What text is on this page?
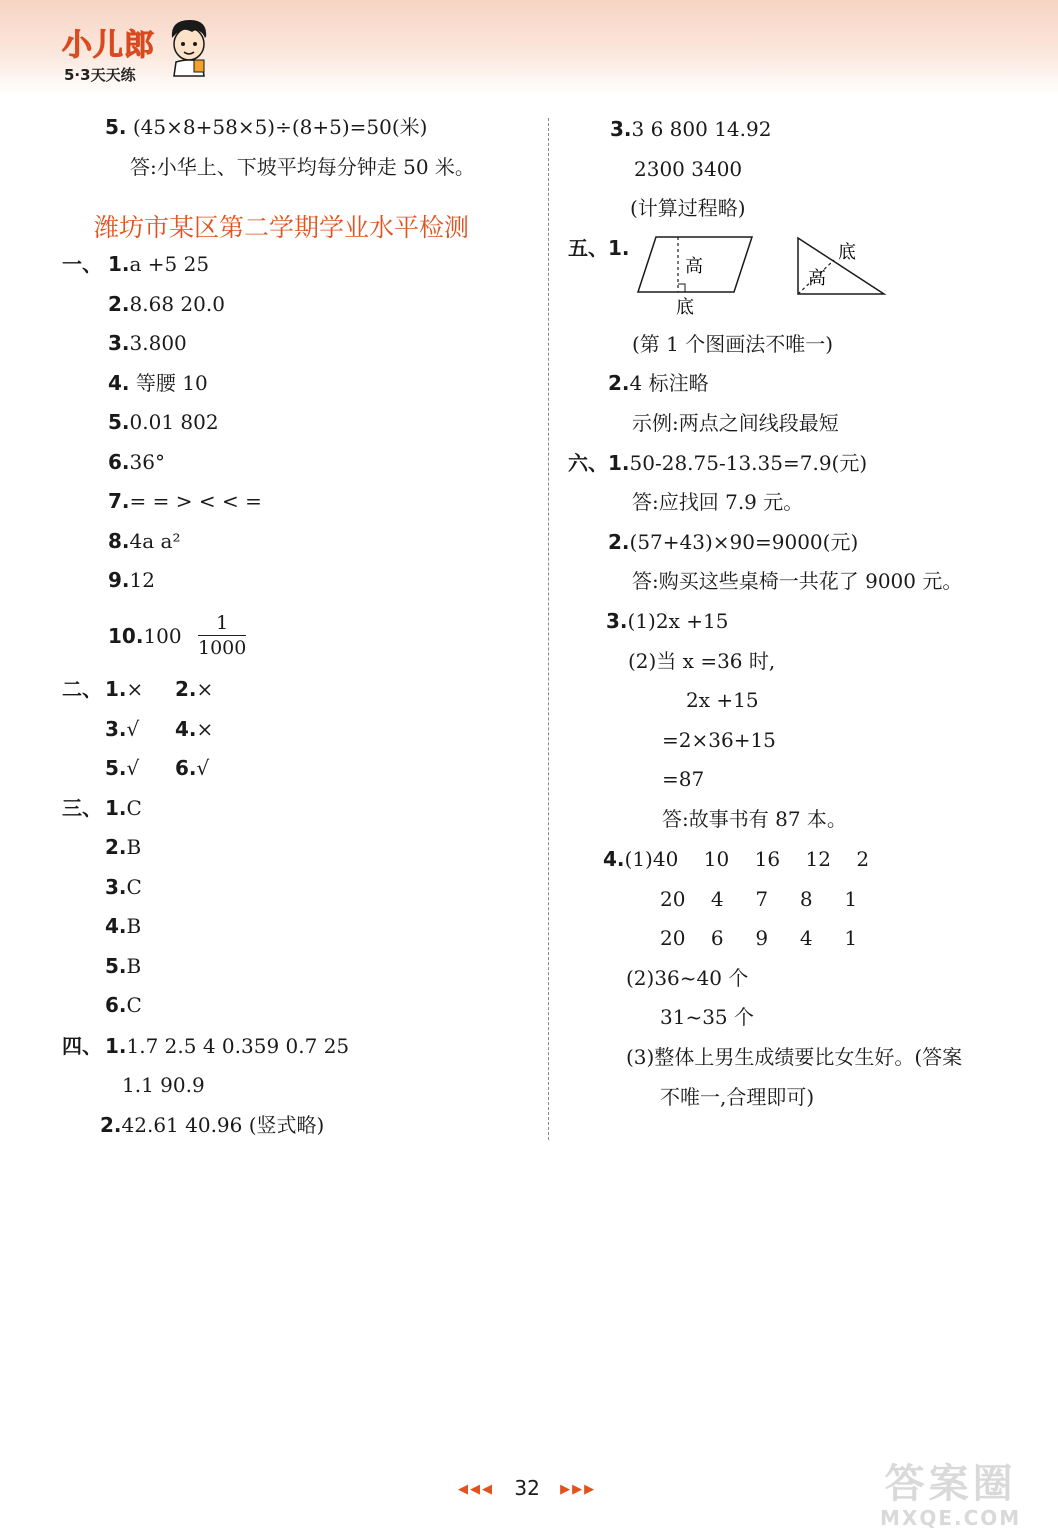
小儿郎
5·3天天练
5. (45×8+58×5)÷(8+5)=50(米)
答:小华上、下坡平均每分钟走 50 米。
潍坊市某区第二学期学业水平检测
一、 1.a +5 25
2.8.68 20.0
3.3.800
4. 等腰 10
5.0.01 802
6.36°
7.= = > < < =
8.4a a²
9.12
10.100
1
1000
二、 1.× 2.×
3.√ 4.×
5.√ 6.√
三、 1.C
2.B
3.C
4.B
5.B
6.C
四、 1.1.7 2.5 4 0.359 0.7 25
1.1 90.9
2.42.61 40.96 (竖式略)
3.3 6 800 14.92
2300 3400
(计算过程略)
五、 1.
高
底
高
底
(第 1 个图画法不唯一)
2.4 标注略
示例:两点之间线段最短
六、 1.50-28.75-13.35=7.9(元)
答:应找回 7.9 元。
2.(57+43)×90=9000(元)
答:购买这些桌椅一共花了 9000 元。
3.(1)2x +15
(2)当 x =36 时,
2x +15
=2×36+15
=87
答:故事书有 87 本。
4.(1)40    10    16    12    2
20    4     7     8     1
20    6     9     4     1
(2)36~40 个
31~35 个
(3)整体上男生成绩要比女生好。(答案
不唯一,合理即可)
◀◀◀ 32 ▶▶▶	答案圈
MXQE.COM
